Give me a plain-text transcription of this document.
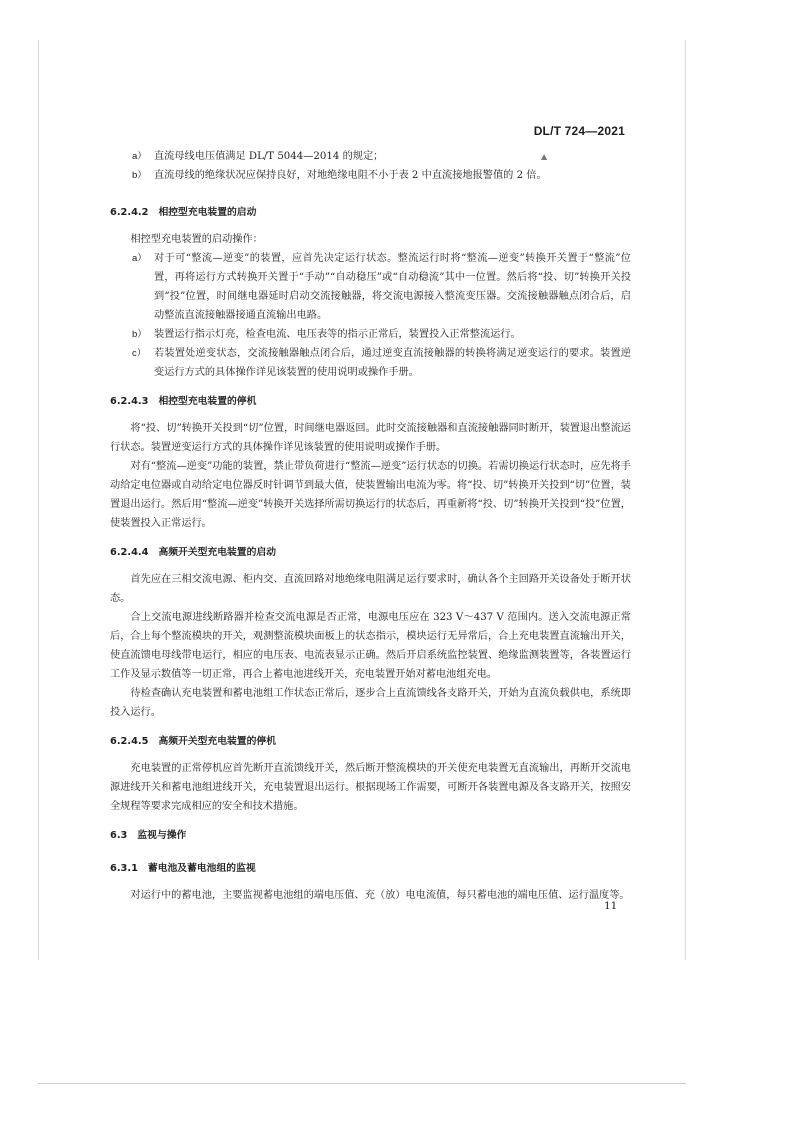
DL/T 724—2021
▲
a） 直流母线电压值满足 DL/T 5044—2014 的规定；
b） 直流母线的绝缘状况应保持良好，对地绝缘电阻不小于表 2 中直流接地报警值的 2 倍。
6.2.4.2 相控型充电装置的启动

相控型充电装置的启动操作：

a） 对于可“整流—逆变”的装置，应首先决定运行状态。整流运行时将“整流—逆变”转换开关置于“整流”位置，再将运行方式转换开关置于“手动”“自动稳压”或“自动稳流”其中一位置。然后将“投、切”转换开关投到“投”位置，时间继电器延时启动交流接触器，将交流电源接入整流变压器。交流接触器触点闭合后，启动整流直流接触器接通直流输出电路。
b） 装置运行指示灯亮，检查电流、电压表等的指示正常后，装置投入正常整流运行。
c） 若装置处逆变状态，交流接触器触点闭合后，通过逆变直流接触器的转换将满足逆变运行的要求。装置逆变运行方式的具体操作详见该装置的使用说明或操作手册。
6.2.4.3 相控型充电装置的停机

将“投、切”转换开关投到“切”位置，时间继电器返回。此时交流接触器和直流接触器同时断开，装置退出整流运行状态。装置逆变运行方式的具体操作详见该装置的使用说明或操作手册。

对有“整流—逆变”功能的装置，禁止带负荷进行“整流—逆变”运行状态的切换。若需切换运行状态时，应先将手动给定电位器或自动给定电位器反时针调节到最大值，使装置输出电流为零。将“投、切”转换开关投到“切”位置，装置退出运行。然后用“整流—逆变”转换开关选择所需切换运行的状态后，再重新将“投、切”转换开关投到“投”位置，使装置投入正常运行。

6.2.4.4 高频开关型充电装置的启动

首先应在三相交流电源、柜内交、直流回路对地绝缘电阻满足运行要求时，确认各个主回路开关设备处于断开状态。

合上交流电源进线断路器并检查交流电源是否正常，电源电压应在 323 V～437 V 范围内。送入交流电源正常后，合上每个整流模块的开关，观测整流模块面板上的状态指示，模块运行无异常后，合上充电装置直流输出开关，使直流馈电母线带电运行，相应的电压表、电流表显示正确。然后开启系统监控装置、绝缘监测装置等，各装置运行工作及显示数值等一切正常，再合上蓄电池进线开关，充电装置开始对蓄电池组充电。

待检查确认充电装置和蓄电池组工作状态正常后，逐步合上直流馈线各支路开关，开始为直流负载供电，系统即投入运行。

6.2.4.5 高频开关型充电装置的停机

充电装置的正常停机应首先断开直流馈线开关，然后断开整流模块的开关使充电装置无直流输出，再断开交流电源进线开关和蓄电池组进线开关，充电装置退出运行。根据现场工作需要，可断开各装置电源及各支路开关，按照安全规程等要求完成相应的安全和技术措施。

6.3 监视与操作
6.3.1 蓄电池及蓄电池组的监视

对运行中的蓄电池，主要监视蓄电池组的端电压值、充（放）电电流值，每只蓄电池的端电压值、运行温度等。

11
